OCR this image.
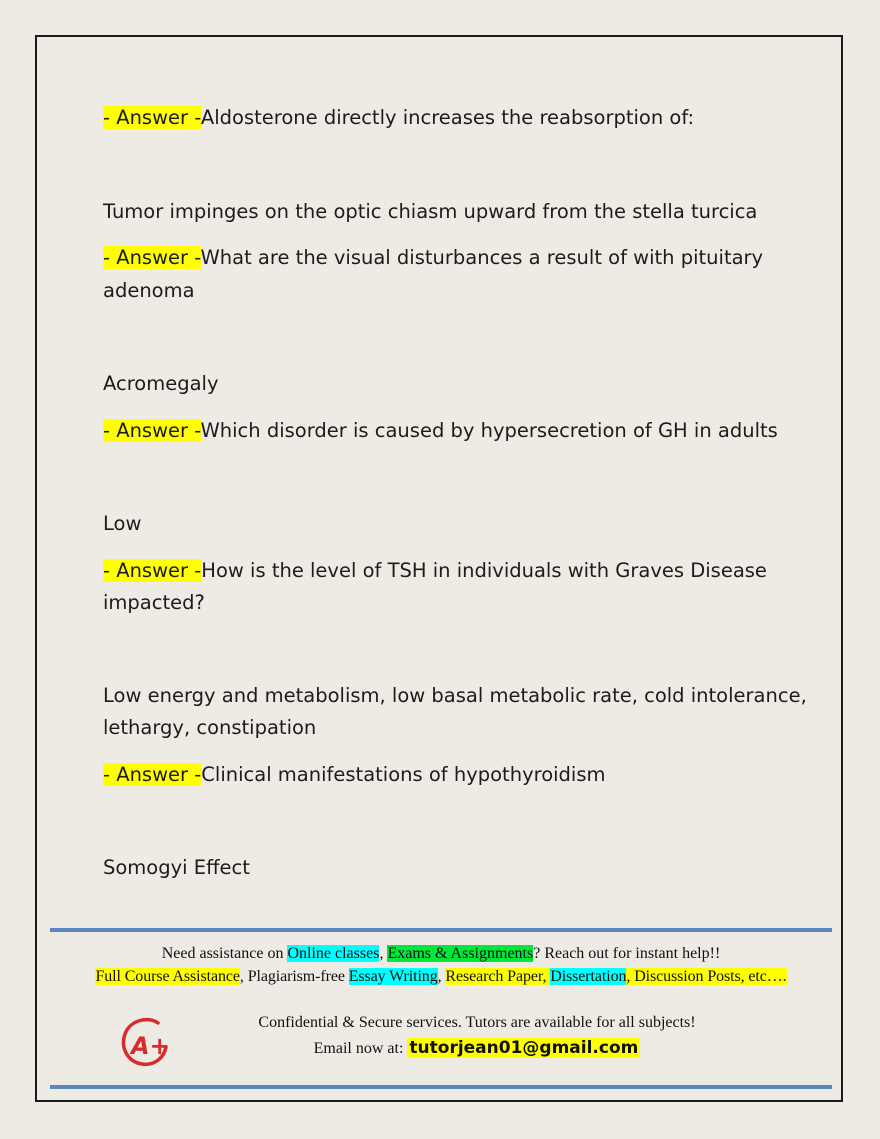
- Answer -Aldosterone directly increases the reabsorption of:
Tumor impinges on the optic chiasm upward from the stella turcica
- Answer -What are the visual disturbances a result of with pituitary
adenoma
Acromegaly
- Answer -Which disorder is caused by hypersecretion of GH in adults
Low
- Answer -How is the level of TSH in individuals with Graves Disease
impacted?
Low energy and metabolism, low basal metabolic rate, cold intolerance,
lethargy, constipation
- Answer -Clinical manifestations of hypothyroidism
Somogyi Effect
Need assistance on Online classes, Exams & Assignments? Reach out for instant help!!
Full Course Assistance, Plagiarism-free Essay Writing, Research Paper, Dissertation, Discussion Posts, etc….
A+
Confidential & Secure services. Tutors are available for all subjects!
Email now at: tutorjean01@gmail.com
